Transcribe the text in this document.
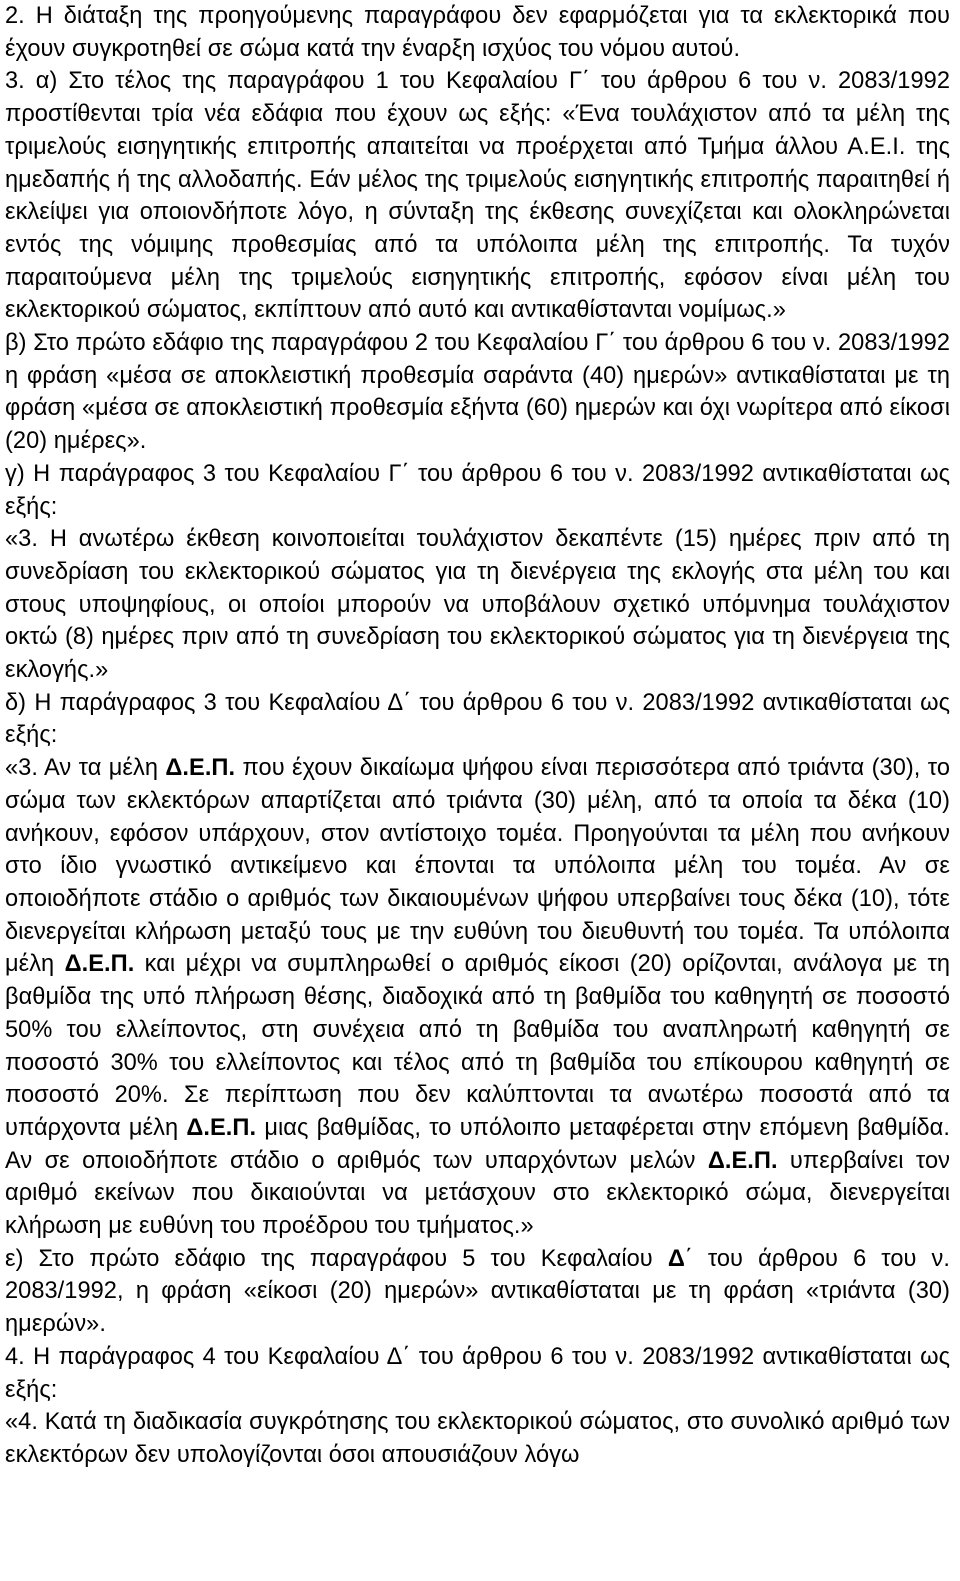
2. Η διάταξη της προηγούμενης παραγράφου δεν εφαρμόζεται για τα εκλεκτορικά που έχουν συγκροτηθεί σε σώμα κατά την έναρξη ισχύος του νόμου αυτού.

3. α) Στο τέλος της παραγράφου 1 του Κεφαλαίου Γ΄ του άρθρου 6 του ν. 2083/1992 προστίθενται τρία νέα εδάφια που έχουν ως εξής: «Ένα τουλάχιστον από τα μέλη της τριμελούς εισηγητικής επιτροπής απαιτείται να προέρχεται από Τμήμα άλλου Α.Ε.Ι. της ημεδαπής ή της αλλοδαπής. Εάν μέλος της τριμελούς εισηγητικής επιτροπής παραιτηθεί ή εκλείψει για οποιονδήποτε λόγο, η σύνταξη της έκθεσης συνεχίζεται και ολοκληρώνεται εντός της νόμιμης προθεσμίας από τα υπόλοιπα μέλη της επιτροπής. Τα τυχόν παραιτούμενα μέλη της τριμελούς εισηγητικής επιτροπής, εφόσον είναι μέλη του εκλεκτορικού σώματος, εκπίπτουν από αυτό και αντικαθίστανται νομίμως.»

β) Στο πρώτο εδάφιο της παραγράφου 2 του Κεφαλαίου Γ΄ του άρθρου 6 του ν. 2083/1992 η φράση «μέσα σε αποκλειστική προθεσμία σαράντα (40) ημερών» αντικαθίσταται με τη φράση «μέσα σε αποκλειστική προθεσμία εξήντα (60) ημερών και όχι νωρίτερα από είκοσι (20) ημέρες».

γ) Η παράγραφος 3 του Κεφαλαίου Γ΄ του άρθρου 6 του ν. 2083/1992 αντικαθίσταται ως εξής:

«3. Η ανωτέρω έκθεση κοινοποιείται τουλάχιστον δεκαπέντε (15) ημέρες πριν από τη συνεδρίαση του εκλεκτορικού σώματος για τη διενέργεια της εκλογής στα μέλη του και στους υποψηφίους, οι οποίοι μπορούν να υποβάλουν σχετικό υπόμνημα τουλάχιστον οκτώ (8) ημέρες πριν από τη συνεδρίαση του εκλεκτορικού σώματος για τη διενέργεια της εκλογής.»

δ) Η παράγραφος 3 του Κεφαλαίου Δ΄ του άρθρου 6 του ν. 2083/1992 αντικαθίσταται ως εξής:

«3. Αν τα μέλη Δ.Ε.Π. που έχουν δικαίωμα ψήφου είναι περισσότερα από τριάντα (30), το σώμα των εκλεκτόρων απαρτίζεται από τριάντα (30) μέλη, από τα οποία τα δέκα (10) ανήκουν, εφόσον υπάρχουν, στον αντίστοιχο τομέα. Προηγούνται τα μέλη που ανήκουν στο ίδιο γνωστικό αντικείμενο και έπονται τα υπόλοιπα μέλη του τομέα. Αν σε οποιοδήποτε στάδιο ο αριθμός των δικαιουμένων ψήφου υπερβαίνει τους δέκα (10), τότε διενεργείται κλήρωση μεταξύ τους με την ευθύνη του διευθυντή του τομέα. Τα υπόλοιπα μέλη Δ.Ε.Π. και μέχρι να συμπληρωθεί ο αριθμός είκοσι (20) ορίζονται, ανάλογα με τη βαθμίδα της υπό πλήρωση θέσης, διαδοχικά από τη βαθμίδα του καθηγητή σε ποσοστό 50% του ελλείποντος, στη συνέχεια από τη βαθμίδα του αναπληρωτή καθηγητή σε ποσοστό 30% του ελλείποντος και τέλος από τη βαθμίδα του επίκουρου καθηγητή σε ποσοστό 20%. Σε περίπτωση που δεν καλύπτονται τα ανωτέρω ποσοστά από τα υπάρχοντα μέλη Δ.Ε.Π. μιας βαθμίδας, το υπόλοιπο μεταφέρεται στην επόμενη βαθμίδα. Αν σε οποιοδήποτε στάδιο ο αριθμός των υπαρχόντων μελών Δ.Ε.Π. υπερβαίνει τον αριθμό εκείνων που δικαιούνται να μετάσχουν στο εκλεκτορικό σώμα, διενεργείται κλήρωση με ευθύνη του προέδρου του τμήματος.»

ε) Στο πρώτο εδάφιο της παραγράφου 5 του Κεφαλαίου Δ΄ του άρθρου 6 του ν. 2083/1992, η φράση «είκοσι (20) ημερών» αντικαθίσταται με τη φράση «τριάντα (30) ημερών».

4. Η παράγραφος 4 του Κεφαλαίου Δ΄ του άρθρου 6 του ν. 2083/1992 αντικαθίσταται ως εξής:

«4. Κατά τη διαδικασία συγκρότησης του εκλεκτορικού σώματος, στο συνολικό αριθμό των εκλεκτόρων δεν υπολογίζονται όσοι απουσιάζουν λόγω
